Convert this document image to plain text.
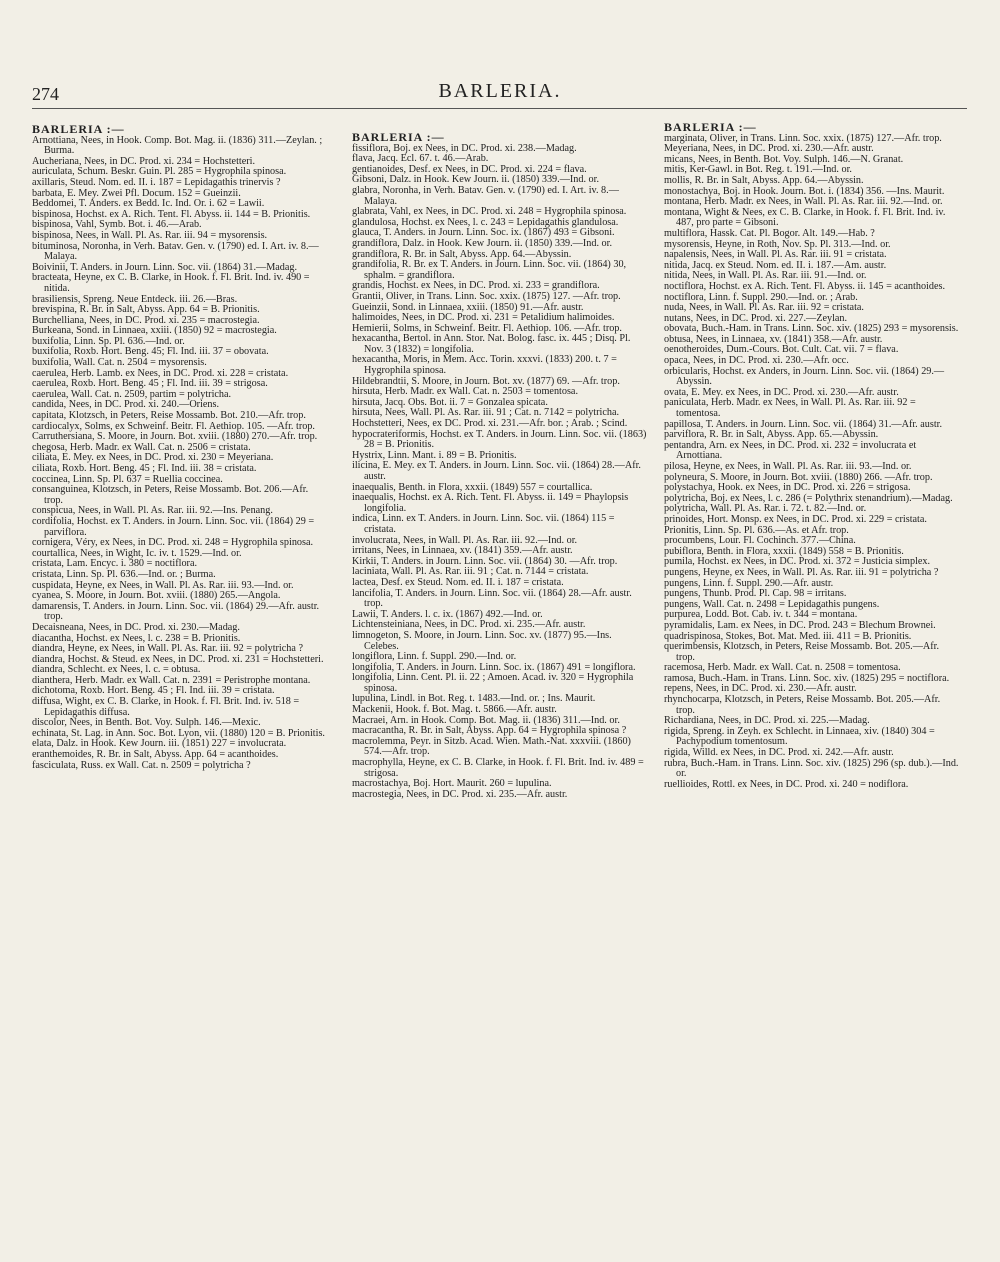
274	BARLERIA.
BARLERIA :—

Arnottiana, Nees, in Hook. Comp. Bot. Mag. ii. (1836) 311.—Zeylan. ; Burma.

Aucheriana, Nees, in DC. Prod. xi. 234 = Hochstetteri.

auriculata, Schum. Beskr. Guin. Pl. 285 = Hygrophila spinosa.

axillaris, Steud. Nom. ed. II. i. 187 = Lepidagathis trinervis ?

barbata, E. Mey. Zwei Pfl. Docum. 152 = Gueinzii.

Beddomei, T. Anders. ex Bedd. Ic. Ind. Or. i. 62 = Lawii.

bispinosa, Hochst. ex A. Rich. Tent. Fl. Abyss. ii. 144 = B. Prionitis.

bispinosa, Vahl, Symb. Bot. i. 46.—Arab.

bispinosa, Nees, in Wall. Pl. As. Rar. iii. 94 = mysorensis.

bituminosa, Noronha, in Verh. Batav. Gen. v. (1790) ed. I. Art. iv. 8.—Malaya.

Boivinii, T. Anders. in Journ. Linn. Soc. vii. (1864) 31.—Madag.

bracteata, Heyne, ex C. B. Clarke, in Hook. f. Fl. Brit. Ind. iv. 490 = nitida.

brasiliensis, Spreng. Neue Entdeck. iii. 26.—Bras.

brevispina, R. Br. in Salt, Abyss. App. 64 = B. Prionitis.

Burchelliana, Nees, in DC. Prod. xi. 235 = macrostegia.

Burkeana, Sond. in Linnaea, xxiii. (1850) 92 = macrostegia.

buxifolia, Linn. Sp. Pl. 636.—Ind. or.

buxifolia, Roxb. Hort. Beng. 45; Fl. Ind. iii. 37 = obovata.

buxifolia, Wall. Cat. n. 2504 = mysorensis.

caerulea, Herb. Lamb. ex Nees, in DC. Prod. xi. 228 = cristata.

caerulea, Roxb. Hort. Beng. 45 ; Fl. Ind. iii. 39 = strigosa.

caerulea, Wall. Cat. n. 2509, partim = polytricha.

candida, Nees, in DC. Prod. xi. 240.—Oriens.

capitata, Klotzsch, in Peters, Reise Mossamb. Bot. 210.—Afr. trop.

cardiocalyx, Solms, ex Schweinf. Beitr. Fl. Aethiop. 105. —Afr. trop.

Carruthersiana, S. Moore, in Journ. Bot. xviii. (1880) 270.—Afr. trop.

chegosa, Herb. Madr. ex Wall. Cat. n. 2506 = cristata.

ciliata, E. Mey. ex Nees, in DC. Prod. xi. 230 = Meyeriana.

ciliata, Roxb. Hort. Beng. 45 ; Fl. Ind. iii. 38 = cristata.

coccinea, Linn. Sp. Pl. 637 = Ruellia coccinea.

consanguinea, Klotzsch, in Peters, Reise Mossamb. Bot. 206.—Afr. trop.

conspicua, Nees, in Wall. Pl. As. Rar. iii. 92.—Ins. Penang.

cordifolia, Hochst. ex T. Anders. in Journ. Linn. Soc. vii. (1864) 29 = parviflora.

cornigera, Véry, ex Nees, in DC. Prod. xi. 248 = Hygrophila spinosa.

courtallica, Nees, in Wight, Ic. iv. t. 1529.—Ind. or.

cristata, Lam. Encyc. i. 380 = noctiflora.

cristata, Linn. Sp. Pl. 636.—Ind. or. ; Burma.

cuspidata, Heyne, ex Nees, in Wall. Pl. As. Rar. iii. 93.—Ind. or.

cyanea, S. Moore, in Journ. Bot. xviii. (1880) 265.—Angola.

damarensis, T. Anders. in Journ. Linn. Soc. vii. (1864) 29.—Afr. austr. trop.

Decaisneana, Nees, in DC. Prod. xi. 230.—Madag.

diacantha, Hochst. ex Nees, l. c. 238 = B. Prionitis.

diandra, Heyne, ex Nees, in Wall. Pl. As. Rar. iii. 92 = polytricha ?

diandra, Hochst. & Steud. ex Nees, in DC. Prod. xi. 231 = Hochstetteri.

diandra, Schlecht. ex Nees, l. c. = obtusa.

dianthera, Herb. Madr. ex Wall. Cat. n. 2391 = Peristrophe montana.

dichotoma, Roxb. Hort. Beng. 45 ; Fl. Ind. iii. 39 = cristata.

diffusa, Wight, ex C. B. Clarke, in Hook. f. Fl. Brit. Ind. iv. 518 = Lepidagathis diffusa.

discolor, Nees, in Benth. Bot. Voy. Sulph. 146.—Mexic.

echinata, St. Lag. in Ann. Soc. Bot. Lyon, vii. (1880) 120 = B. Prionitis.

elata, Dalz. in Hook. Kew Journ. iii. (1851) 227 = involucrata.

eranthemoides, R. Br. in Salt, Abyss. App. 64 = acanthoides.

fasciculata, Russ. ex Wall. Cat. n. 2509 = polytricha ?

BARLERIA :—

fissiflora, Boj. ex Nees, in DC. Prod. xi. 238.—Madag.

flava, Jacq. Ecl. 67. t. 46.—Arab.

gentianoides, Desf. ex Nees, in DC. Prod. xi. 224 = flava.

Gibsoni, Dalz. in Hook. Kew Journ. ii. (1850) 339.—Ind. or.

glabra, Noronha, in Verh. Batav. Gen. v. (1790) ed. I. Art. iv. 8.—Malaya.

glabrata, Vahl, ex Nees, in DC. Prod. xi. 248 = Hygrophila spinosa.

glandulosa, Hochst. ex Nees, l. c. 243 = Lepidagathis glandulosa.

glauca, T. Anders. in Journ. Linn. Soc. ix. (1867) 493 = Gibsoni.

grandiflora, Dalz. in Hook. Kew Journ. ii. (1850) 339.—Ind. or.

grandiflora, R. Br. in Salt, Abyss. App. 64.—Abyssin.

grandifolia, R. Br. ex T. Anders. in Journ. Linn. Soc. vii. (1864) 30, sphalm. = grandiflora.

grandis, Hochst. ex Nees, in DC. Prod. xi. 233 = grandiflora.

Grantii, Oliver, in Trans. Linn. Soc. xxix. (1875) 127. —Afr. trop.

Gueinzii, Sond. in Linnaea, xxiii. (1850) 91.—Afr. austr.

halimoides, Nees, in DC. Prod. xi. 231 = Petalidium halimoides.

Hemierii, Solms, in Schweinf. Beitr. Fl. Aethiop. 106. —Afr. trop.

hexacantha, Bertol. in Ann. Stor. Nat. Bolog. fasc. ix. 445 ; Disq. Pl. Nov. 3 (1832) = longifolia.

hexacantha, Moris, in Mem. Acc. Torin. xxxvi. (1833) 200. t. 7 = Hygrophila spinosa.

Hildebrandtii, S. Moore, in Journ. Bot. xv. (1877) 69. —Afr. trop.

hirsuta, Herb. Madr. ex Wall. Cat. n. 2503 = tomentosa.

hirsuta, Jacq. Obs. Bot. ii. 7 = Gonzalea spicata.

hirsuta, Nees, Wall. Pl. As. Rar. iii. 91 ; Cat. n. 7142 = polytricha.

Hochstetteri, Nees, ex DC. Prod. xi. 231.—Afr. bor. ; Arab. ; Scind.

hypocrateriformis, Hochst. ex T. Anders. in Journ. Linn. Soc. vii. (1863) 28 = B. Prionitis.

Hystrix, Linn. Mant. i. 89 = B. Prionitis.

ilicina, E. Mey. ex T. Anders. in Journ. Linn. Soc. vii. (1864) 28.—Afr. austr.

inaequalis, Benth. in Flora, xxxii. (1849) 557 = courtallica.

inaequalis, Hochst. ex A. Rich. Tent. Fl. Abyss. ii. 149 = Phaylopsis longifolia.

indica, Linn. ex T. Anders. in Journ. Linn. Soc. vii. (1864) 115 = cristata.

involucrata, Nees, in Wall. Pl. As. Rar. iii. 92.—Ind. or.

irritans, Nees, in Linnaea, xv. (1841) 359.—Afr. austr.

Kirkii, T. Anders. in Journ. Linn. Soc. vii. (1864) 30. —Afr. trop.

laciniata, Wall. Pl. As. Rar. iii. 91 ; Cat. n. 7144 = cristata.

lactea, Desf. ex Steud. Nom. ed. II. i. 187 = cristata.

lancifolia, T. Anders. in Journ. Linn. Soc. vii. (1864) 28.—Afr. austr. trop.

Lawii, T. Anders. l. c. ix. (1867) 492.—Ind. or.

Lichtensteiniana, Nees, in DC. Prod. xi. 235.—Afr. austr.

limnogeton, S. Moore, in Journ. Linn. Soc. xv. (1877) 95.—Ins. Celebes.

longiflora, Linn. f. Suppl. 290.—Ind. or.

longifolia, T. Anders. in Journ. Linn. Soc. ix. (1867) 491 = longiflora.

longifolia, Linn. Cent. Pl. ii. 22 ; Amoen. Acad. iv. 320 = Hygrophila spinosa.

lupulina, Lindl. in Bot. Reg. t. 1483.—Ind. or. ; Ins. Maurit.

Mackenii, Hook. f. Bot. Mag. t. 5866.—Afr. austr.

Macraei, Arn. in Hook. Comp. Bot. Mag. ii. (1836) 311.—Ind. or.

macracantha, R. Br. in Salt, Abyss. App. 64 = Hygrophila spinosa ?

macrolemma, Peyr. in Sitzb. Acad. Wien. Math.-Nat. xxxviii. (1860) 574.—Afr. trop.

macrophylla, Heyne, ex C. B. Clarke, in Hook. f. Fl. Brit. Ind. iv. 489 = strigosa.

macrostachya, Boj. Hort. Maurit. 260 = lupulina.

macrostegia, Nees, in DC. Prod. xi. 235.—Afr. austr.

BARLERIA :—

marginata, Oliver, in Trans. Linn. Soc. xxix. (1875) 127.—Afr. trop.

Meyeriana, Nees, in DC. Prod. xi. 230.—Afr. austr.

micans, Nees, in Benth. Bot. Voy. Sulph. 146.—N. Granat.

mitis, Ker-Gawl. in Bot. Reg. t. 191.—Ind. or.

mollis, R. Br. in Salt, Abyss. App. 64.—Abyssin.

monostachya, Boj. in Hook. Journ. Bot. i. (1834) 356. —Ins. Maurit.

montana, Herb. Madr. ex Nees, in Wall. Pl. As. Rar. iii. 92.—Ind. or.

montana, Wight & Nees, ex C. B. Clarke, in Hook. f. Fl. Brit. Ind. iv. 487, pro parte = Gibsoni.

multiflora, Hassk. Cat. Pl. Bogor. Alt. 149.—Hab. ?

mysorensis, Heyne, in Roth, Nov. Sp. Pl. 313.—Ind. or.

napalensis, Nees, in Wall. Pl. As. Rar. iii. 91 = cristata.

nitida, Jacq. ex Steud. Nom. ed. II. i. 187.—Am. austr.

nitida, Nees, in Wall. Pl. As. Rar. iii. 91.—Ind. or.

noctiflora, Hochst. ex A. Rich. Tent. Fl. Abyss. ii. 145 = acanthoides.

noctiflora, Linn. f. Suppl. 290.—Ind. or. ; Arab.

nuda, Nees, in Wall. Pl. As. Rar. iii. 92 = cristata.

nutans, Nees, in DC. Prod. xi. 227.—Zeylan.

obovata, Buch.-Ham. in Trans. Linn. Soc. xiv. (1825) 293 = mysorensis.

obtusa, Nees, in Linnaea, xv. (1841) 358.—Afr. austr.

oenotheroides, Dum.-Cours. Bot. Cult. Cat. vii. 7 = flava.

opaca, Nees, in DC. Prod. xi. 230.—Afr. occ.

orbicularis, Hochst. ex Anders, in Journ. Linn. Soc. vii. (1864) 29.—Abyssin.

ovata, E. Mey. ex Nees, in DC. Prod. xi. 230.—Afr. austr.

paniculata, Herb. Madr. ex Nees, in Wall. Pl. As. Rar. iii. 92 = tomentosa.

papillosa, T. Anders. in Journ. Linn. Soc. vii. (1864) 31.—Afr. austr.

parviflora, R. Br. in Salt, Abyss. App. 65.—Abyssin.

pentandra, Arn. ex Nees, in DC. Prod. xi. 232 = involucrata et Arnottiana.

pilosa, Heyne, ex Nees, in Wall. Pl. As. Rar. iii. 93.—Ind. or.

polyneura, S. Moore, in Journ. Bot. xviii. (1880) 266. —Afr. trop.

polystachya, Hook. ex Nees, in DC. Prod. xi. 226 = strigosa.

polytricha, Boj. ex Nees, l. c. 286 (= Polythrix stenandrium).—Madag.

polytricha, Wall. Pl. As. Rar. i. 72. t. 82.—Ind. or.

prinoides, Hort. Monsp. ex Nees, in DC. Prod. xi. 229 = cristata.

Prionitis, Linn. Sp. Pl. 636.—As. et Afr. trop.

procumbens, Lour. Fl. Cochinch. 377.—China.

pubiflora, Benth. in Flora, xxxii. (1849) 558 = B. Prionitis.

pumila, Hochst. ex Nees, in DC. Prod. xi. 372 = Justicia simplex.

pungens, Heyne, ex Nees, in Wall. Pl. As. Rar. iii. 91 = polytricha ?

pungens, Linn. f. Suppl. 290.—Afr. austr.

pungens, Thunb. Prod. Pl. Cap. 98 = irritans.

pungens, Wall. Cat. n. 2498 = Lepidagathis pungens.

purpurea, Lodd. Bot. Cab. iv. t. 344 = montana.

pyramidalis, Lam. ex Nees, in DC. Prod. 243 = Blechum Brownei.

quadrispinosa, Stokes, Bot. Mat. Med. iii. 411 = B. Prionitis.

querimbensis, Klotzsch, in Peters, Reise Mossamb. Bot. 205.—Afr. trop.

racemosa, Herb. Madr. ex Wall. Cat. n. 2508 = tomentosa.

ramosa, Buch.-Ham. in Trans. Linn. Soc. xiv. (1825) 295 = noctiflora.

repens, Nees, in DC. Prod. xi. 230.—Afr. austr.

rhynchocarpa, Klotzsch, in Peters, Reise Mossamb. Bot. 205.—Afr. trop.

Richardiana, Nees, in DC. Prod. xi. 225.—Madag.

rigida, Spreng. in Zeyh. ex Schlecht. in Linnaea, xiv. (1840) 304 = Pachypodium tomentosum.

rigida, Willd. ex Nees, in DC. Prod. xi. 242.—Afr. austr.

rubra, Buch.-Ham. in Trans. Linn. Soc. xiv. (1825) 296 (sp. dub.).—Ind. or.

ruellioides, Rottl. ex Nees, in DC. Prod. xi. 240 = nodiflora.
